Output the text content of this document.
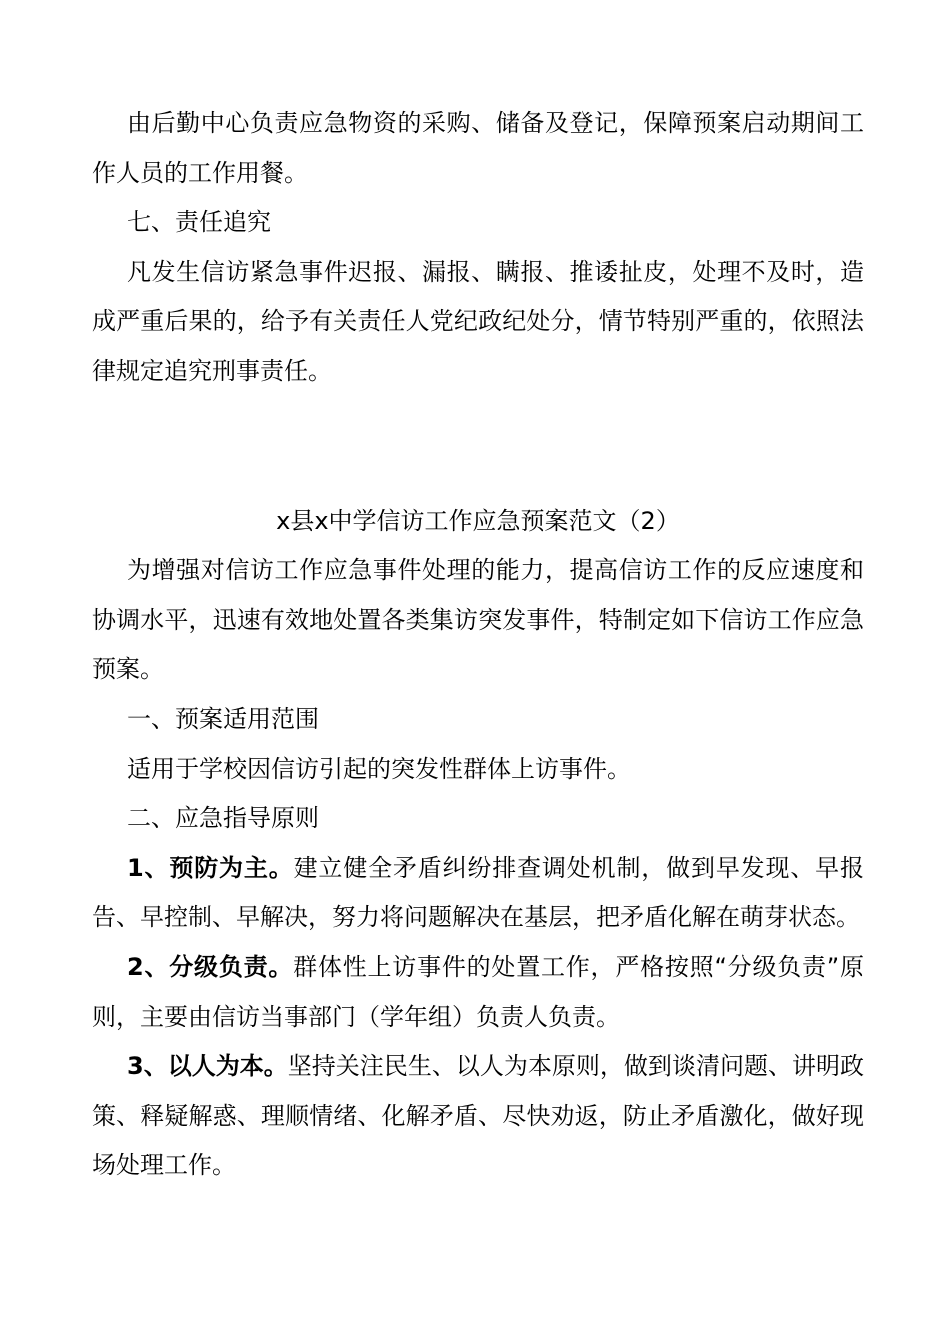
由后勤中心负责应急物资的采购、储备及登记，保障预案启动期间工作人员的工作用餐。

七、责任追究

凡发生信访紧急事件迟报、漏报、瞒报、推诿扯皮，处理不及时，造成严重后果的，给予有关责任人党纪政纪处分，情节特别严重的，依照法律规定追究刑事责任。

x县x中学信访工作应急预案范文（2）

为增强对信访工作应急事件处理的能力，提高信访工作的反应速度和协调水平，迅速有效地处置各类集访突发事件，特制定如下信访工作应急预案。

一、预案适用范围

适用于学校因信访引起的突发性群体上访事件。

二、应急指导原则

1、预防为主。建立健全矛盾纠纷排查调处机制，做到早发现、早报告、早控制、早解决，努力将问题解决在基层，把矛盾化解在萌芽状态。

2、分级负责。群体性上访事件的处置工作，严格按照“分级负责”原则，主要由信访当事部门（学年组）负责人负责。

3、以人为本。坚持关注民生、以人为本原则，做到谈清问题、讲明政策、释疑解惑、理顺情绪、化解矛盾、尽快劝返，防止矛盾激化，做好现场处理工作。
